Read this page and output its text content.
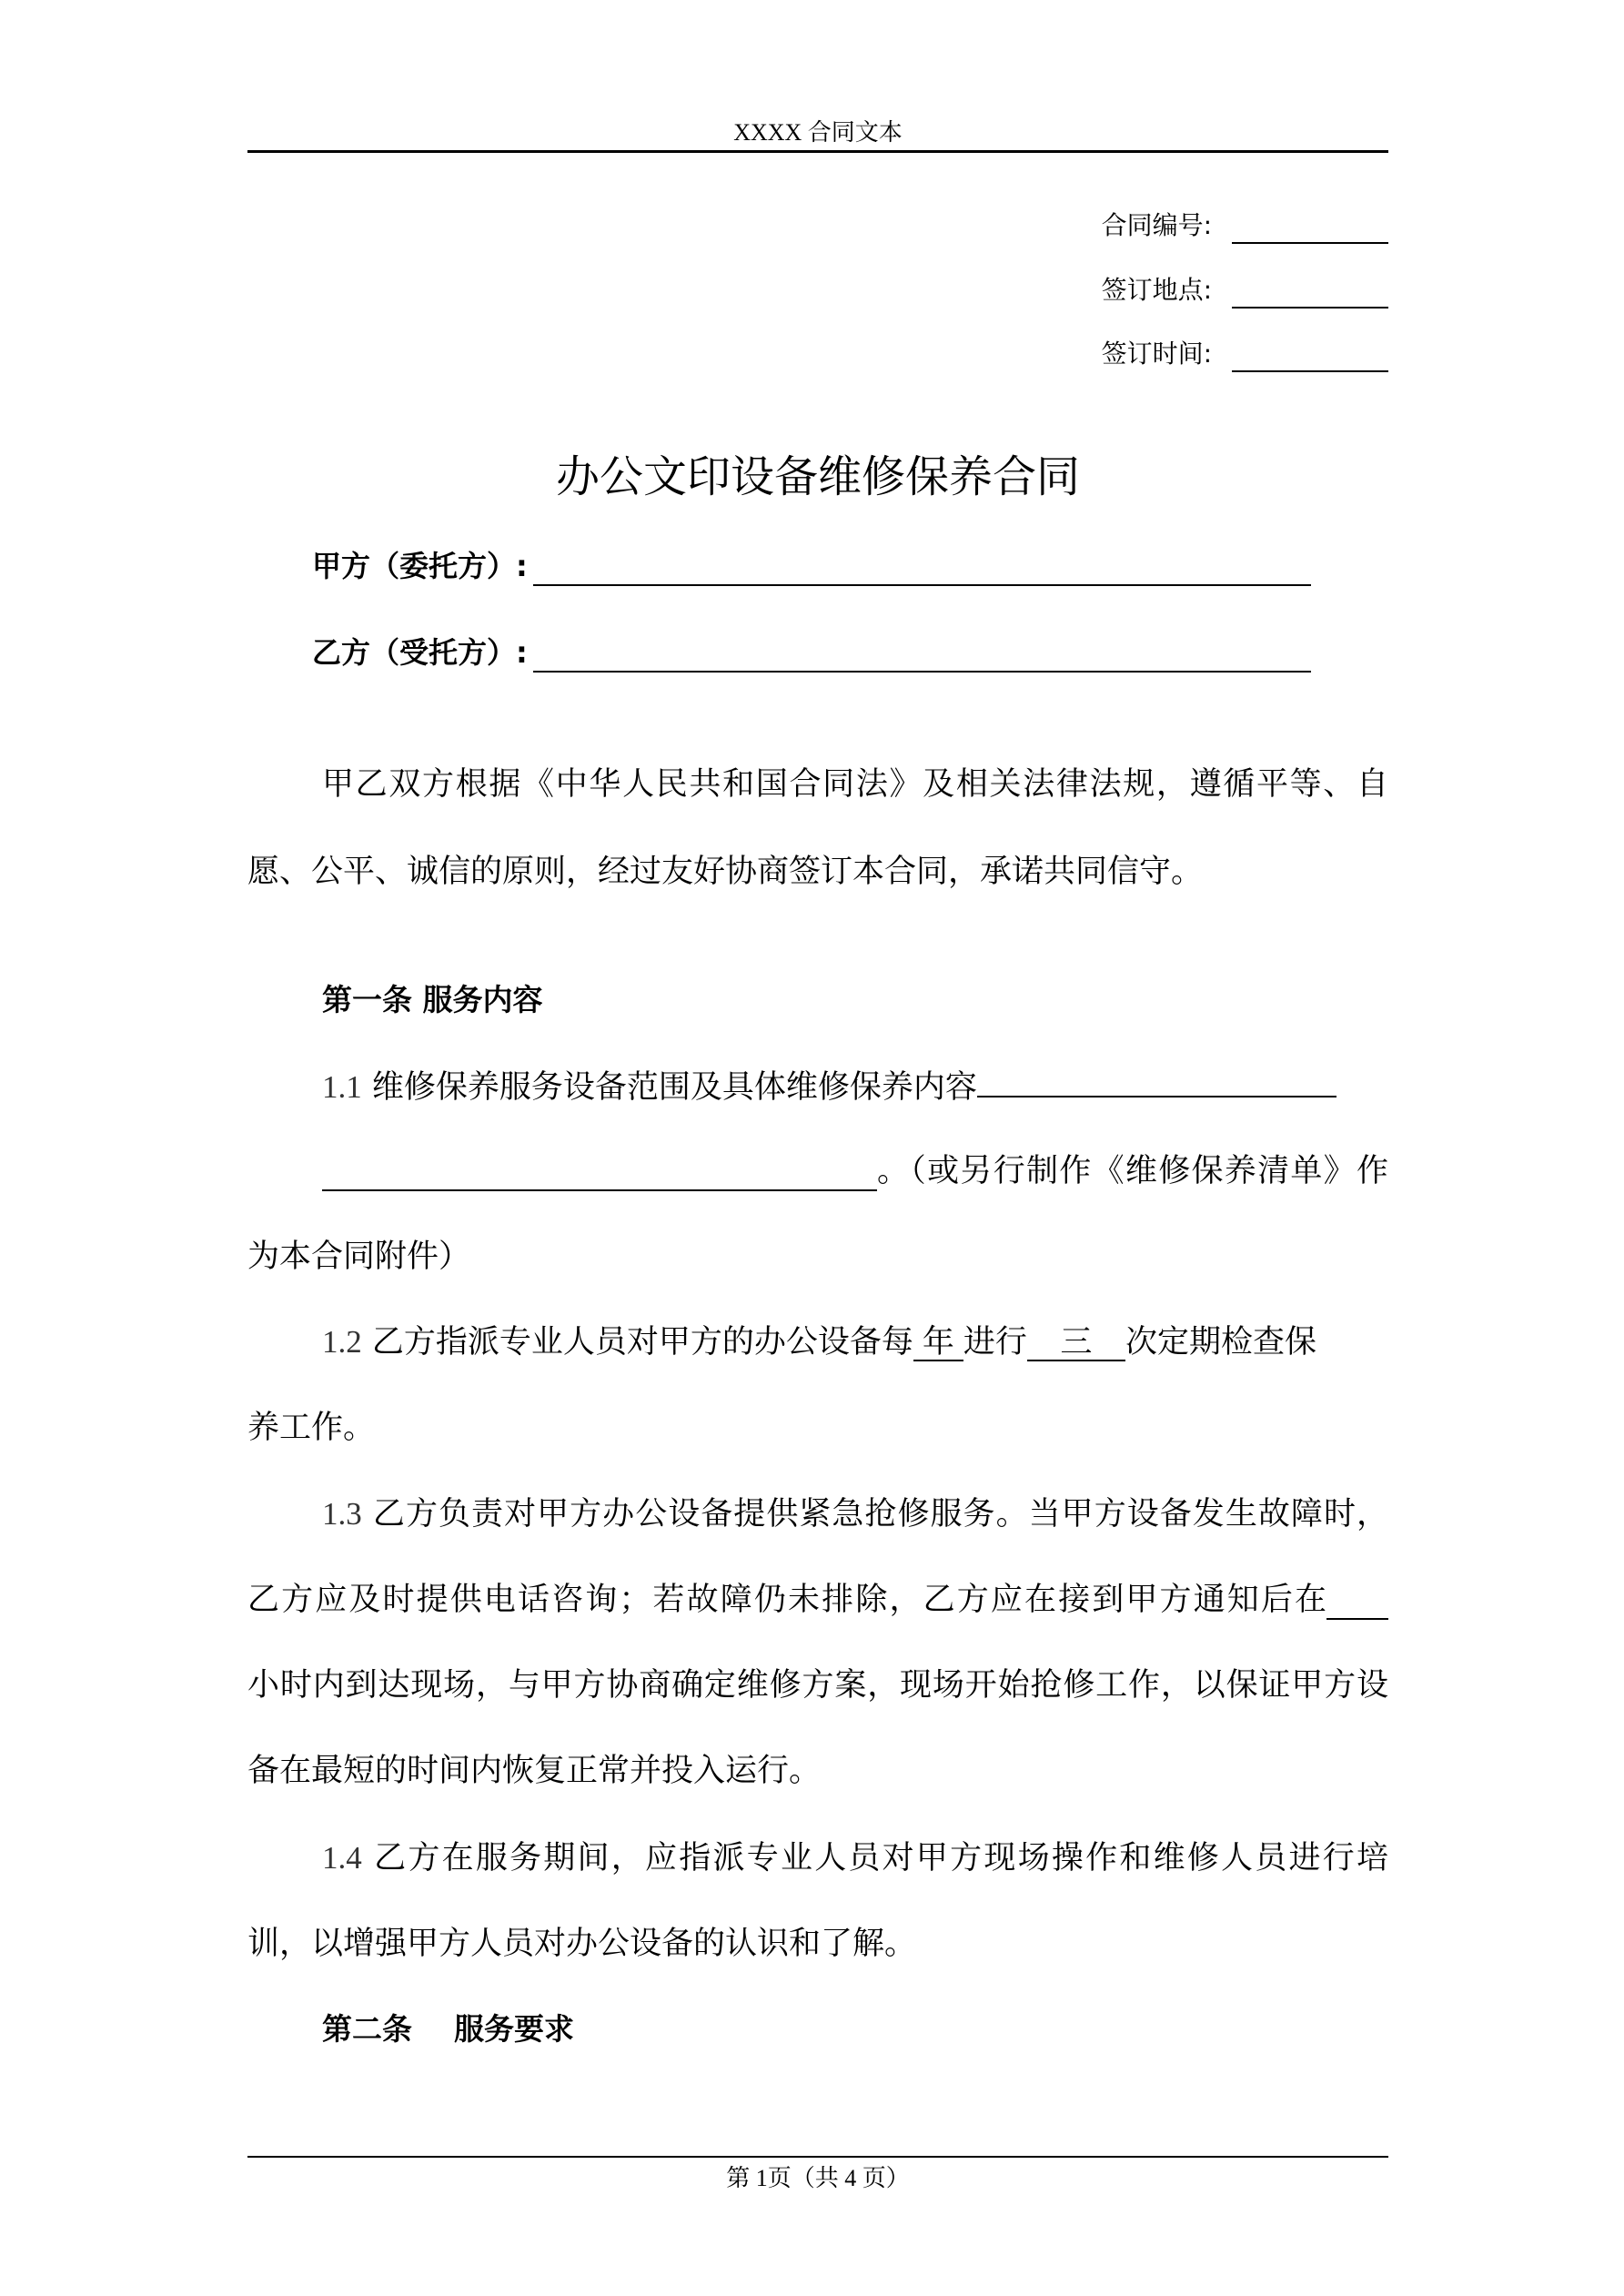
XXXX 合同文本
合同编号:
签订地点:
签订时间:
办公文印设备维修保养合同
甲方（委托方）:
乙方（受托方）:
甲乙双方根据《中华人民共和国合同法》及相关法律法规，遵循平等、自
愿、公平、诚信的原则，经过友好协商签订本合同，承诺共同信守。
第一条 服务内容
1.1 维修保养服务设备范围及具体维修保养内容
。（或另行制作《维修保养清单》作
为本合同附件）
1.2 乙方指派专业人员对甲方的办公设备每 年 进行 三 次定期检查保
养工作。
1.3 乙方负责对甲方办公设备提供紧急抢修服务。当甲方设备发生故障时，
乙方应及时提供电话咨询；若故障仍未排除，乙方应在接到甲方通知后在
小时内到达现场，与甲方协商确定维修方案，现场开始抢修工作，以保证甲方设
备在最短的时间内恢复正常并投入运行。
1.4 乙方在服务期间，应指派专业人员对甲方现场操作和维修人员进行培
训，以增强甲方人员对办公设备的认识和了解。
第二条    服务要求
第 1页（共 4 页）
